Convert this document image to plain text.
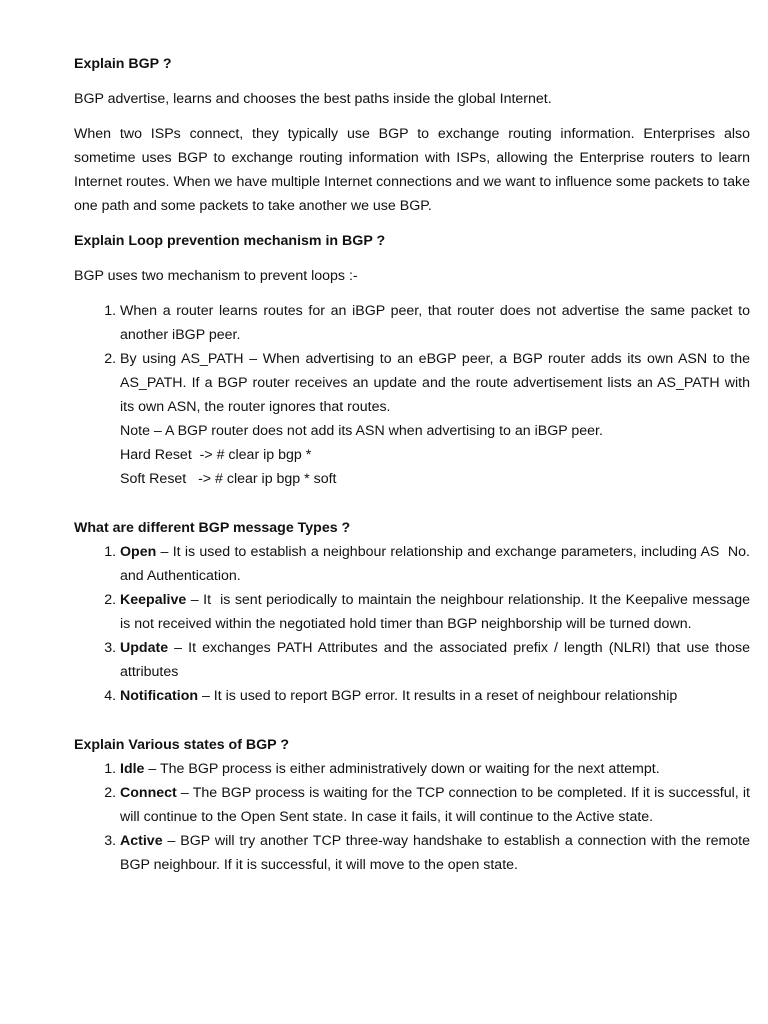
Explain BGP ?

BGP advertise, learns and chooses the best paths inside the global Internet.

When two ISPs connect, they typically use BGP to exchange routing information. Enterprises also sometime uses BGP to exchange routing information with ISPs, allowing the Enterprise routers to learn Internet routes. When we have multiple Internet connections and we want to influence some packets to take one path and some packets to take another we use BGP.

Explain Loop prevention mechanism in BGP ?

BGP uses two mechanism to prevent loops :-

1. When a router learns routes for an iBGP peer, that router does not advertise the same packet to another iBGP peer.
2. By using AS_PATH – When advertising to an eBGP peer, a BGP router adds its own ASN to the AS_PATH. If a BGP router receives an update and the route advertisement lists an AS_PATH with its own ASN, the router ignores that routes.
Note – A BGP router does not add its ASN when advertising to an iBGP peer.
Hard Reset  -> # clear ip bgp *
Soft Reset   -> # clear ip bgp * soft
What are different BGP message Types ?
1. Open – It is used to establish a neighbour relationship and exchange parameters, including AS  No. and Authentication.
2. Keepalive – It  is sent periodically to maintain the neighbour relationship. It the Keepalive message is not received within the negotiated hold timer than BGP neighborship will be turned down.
3. Update – It exchanges PATH Attributes and the associated prefix / length (NLRI) that use those attributes
4. Notification – It is used to report BGP error. It results in a reset of neighbour relationship
Explain Various states of BGP ?
1. Idle – The BGP process is either administratively down or waiting for the next attempt.
2. Connect – The BGP process is waiting for the TCP connection to be completed. If it is successful, it will continue to the Open Sent state. In case it fails, it will continue to the Active state.
3. Active – BGP will try another TCP three-way handshake to establish a connection with the remote BGP neighbour. If it is successful, it will move to the open state.
